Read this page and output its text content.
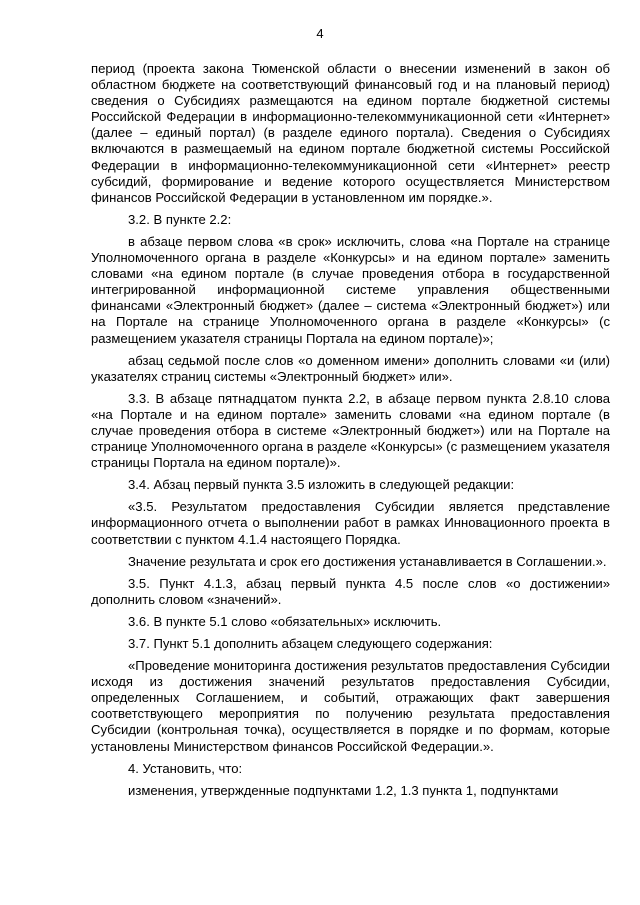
4

период (проекта закона Тюменской области о внесении изменений в закон об областном бюджете на соответствующий финансовый год и на плановый период) сведения о Субсидиях размещаются на едином портале бюджетной системы Российской Федерации в информационно-телекоммуникационной сети «Интернет» (далее – единый портал) (в разделе единого портала). Сведения о Субсидиях включаются в размещаемый на едином портале бюджетной системы Российской Федерации в информационно-телекоммуникационной сети «Интернет» реестр субсидий, формирование и ведение которого осуществляется Министерством финансов Российской Федерации в установленном им порядке.».

3.2. В пункте 2.2:

в абзаце первом слова «в срок» исключить, слова «на Портале на странице Уполномоченного органа в разделе «Конкурсы» и на едином портале» заменить словами «на едином портале (в случае проведения отбора в государственной интегрированной информационной системе управления общественными финансами «Электронный бюджет» (далее – система «Электронный бюджет») или на Портале на странице Уполномоченного органа в разделе «Конкурсы» (с размещением указателя страницы Портала на едином портале)»;

абзац седьмой после слов «о доменном имени» дополнить словами «и (или) указателях страниц системы «Электронный бюджет» или».

3.3. В абзаце пятнадцатом пункта 2.2, в абзаце первом пункта 2.8.10 слова «на Портале и на едином портале» заменить словами «на едином портале (в случае проведения отбора в системе «Электронный бюджет») или на Портале на странице Уполномоченного органа в разделе «Конкурсы» (с размещением указателя страницы Портала на едином портале)».

3.4. Абзац первый пункта 3.5 изложить в следующей редакции:

«3.5. Результатом предоставления Субсидии является представление информационного отчета о выполнении работ в рамках Инновационного проекта в соответствии с пунктом 4.1.4 настоящего Порядка.

Значение результата и срок его достижения устанавливается в Соглашении.».

3.5. Пункт 4.1.3, абзац первый пункта 4.5 после слов «о достижении» дополнить словом «значений».

3.6. В пункте 5.1 слово «обязательных» исключить.

3.7. Пункт 5.1 дополнить абзацем следующего содержания:

«Проведение мониторинга достижения результатов предоставления Субсидии исходя из достижения значений результатов предоставления Субсидии, определенных Соглашением, и событий, отражающих факт завершения соответствующего мероприятия по получению результата предоставления Субсидии (контрольная точка), осуществляется в порядке и по формам, которые установлены Министерством финансов Российской Федерации.».

4. Установить, что:

изменения, утвержденные подпунктами 1.2, 1.3 пункта 1, подпунктами
